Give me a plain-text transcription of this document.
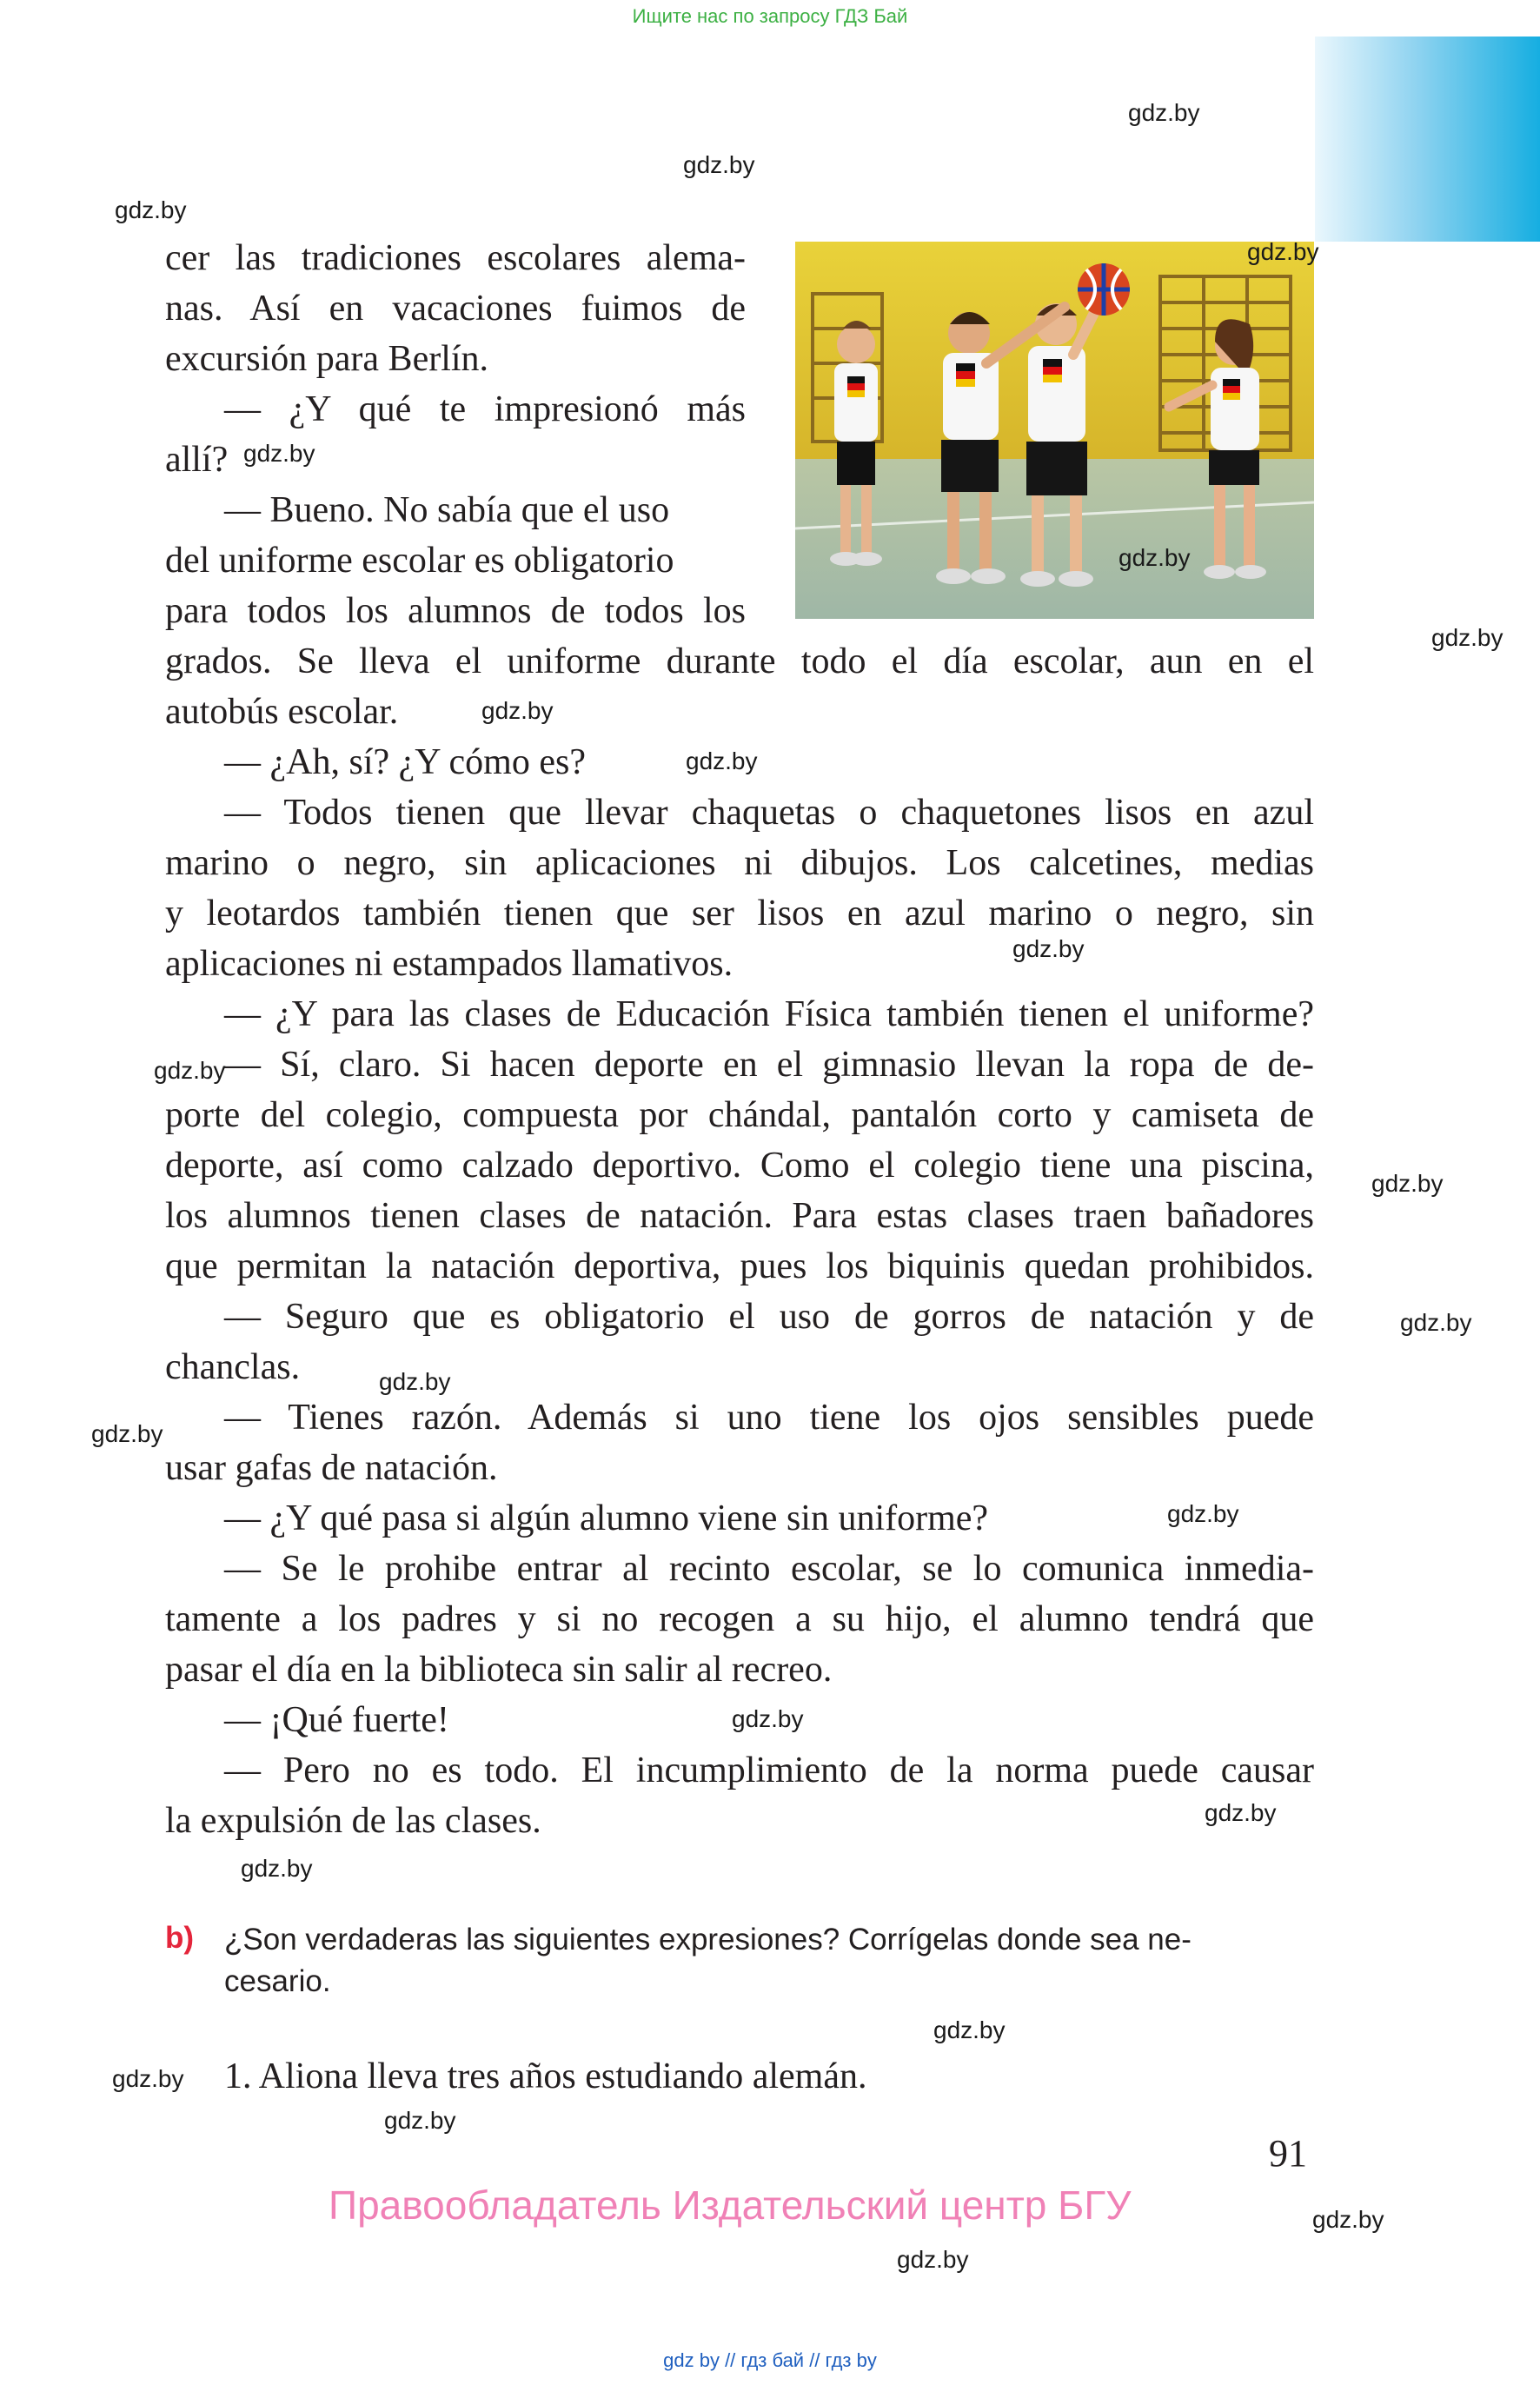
Ищите нас по запросу ГДЗ Бай
cer las tradiciones escolares alema-
nas. Así en vacaciones fuimos de
excursión para Berlín.
— ¿Y qué te impresionó más
allí?
— Bueno. No sabía que el uso
del uniforme escolar es obligatorio
para todos los alumnos de todos los
grados. Se lleva el uniforme durante todo el día escolar, aun en el
autobús escolar.
— ¿Ah, sí? ¿Y cómo es?
— Todos tienen que llevar chaquetas o chaquetones lisos en azul
marino o negro, sin aplicaciones ni dibujos. Los calcetines, medias
y leotardos también tienen que ser lisos en azul marino o negro, sin
aplicaciones ni estampados llamativos.
— ¿Y para las clases de Educación Física también tienen el uniforme?
— Sí, claro. Si hacen deporte en el gimnasio llevan la ropa de de-
porte del colegio, compuesta por chándal, pantalón corto y camiseta de
deporte, así como calzado deportivo. Como el colegio tiene una piscina,
los alumnos tienen clases de natación. Para estas clases traen bañadores
que permitan la natación deportiva, pues los biquinis quedan prohibidos.
— Seguro que es obligatorio el uso de gorros de natación y de
chanclas.
— Tienes razón. Además si uno tiene los ojos sensibles puede
usar gafas de natación.
— ¿Y qué pasa si algún alumno viene sin uniforme?
— Se le prohibe entrar al recinto escolar, se lo comunica inmedia-
tamente a los padres y si no recogen a su hijo, el alumno tendrá que
pasar el día en la biblioteca sin salir al recreo.
— ¡Qué fuerte!
— Pero no es todo. El incumplimiento de la norma puede causar
la expulsión de las clases.
b) ¿Son verdaderas las siguientes expresiones? Corrígelas donde sea ne-
cesario.
1. Aliona lleva tres años estudiando alemán.
91
Правообладатель Издательский центр БГУ
gdz by // гдз бай // гдз by
gdz.by
gdz.by
gdz.by
gdz.by
gdz.by
gdz.by
gdz.by
gdz.by
gdz.by
gdz.by
gdz.by
gdz.by
gdz.by
gdz.by
gdz.by
gdz.by
gdz.by
gdz.by
gdz.by
gdz.by
gdz.by
gdz.by
gdz.by
gdz.by
